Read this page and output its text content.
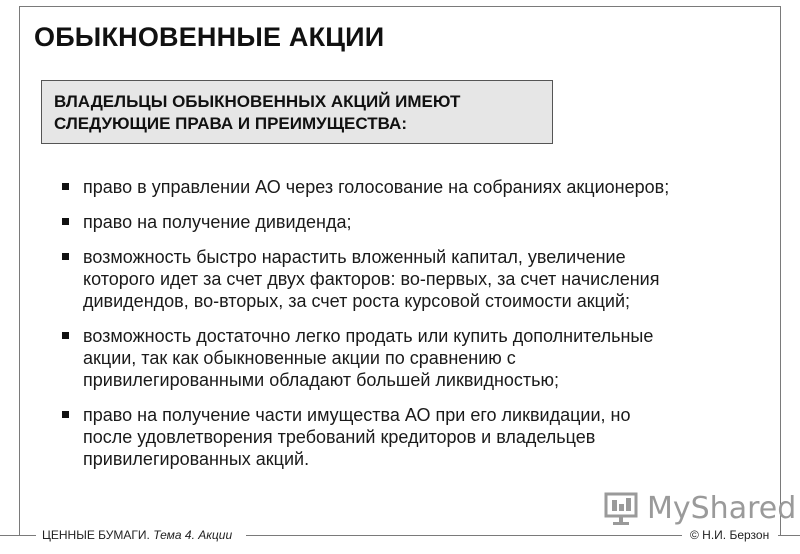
ОБЫКНОВЕННЫЕ АКЦИИ
ВЛАДЕЛЬЦЫ ОБЫКНОВЕННЫХ АКЦИЙ ИМЕЮТ
СЛЕДУЮЩИЕ ПРАВА И ПРЕИМУЩЕСТВА:
право в управлении АО через голосование на собраниях акционеров;
право на получение дивиденда;
возможность быстро нарастить вложенный капитал, увеличение
которого идет за счет двух факторов: во-первых, за счет начисления
дивидендов, во-вторых, за счет роста курсовой стоимости акций;
возможность достаточно легко продать или купить дополнительные
акции, так как обыкновенные акции по сравнению с
привилегированными обладают большей ликвидностью;
право на получение части имущества АО при его ликвидации, но
после удовлетворения требований кредиторов и владельцев
привилегированных акций.
MyShared
ЦЕННЫЕ БУМАГИ. Тема 4. Акции	© Н.И. Берзон
